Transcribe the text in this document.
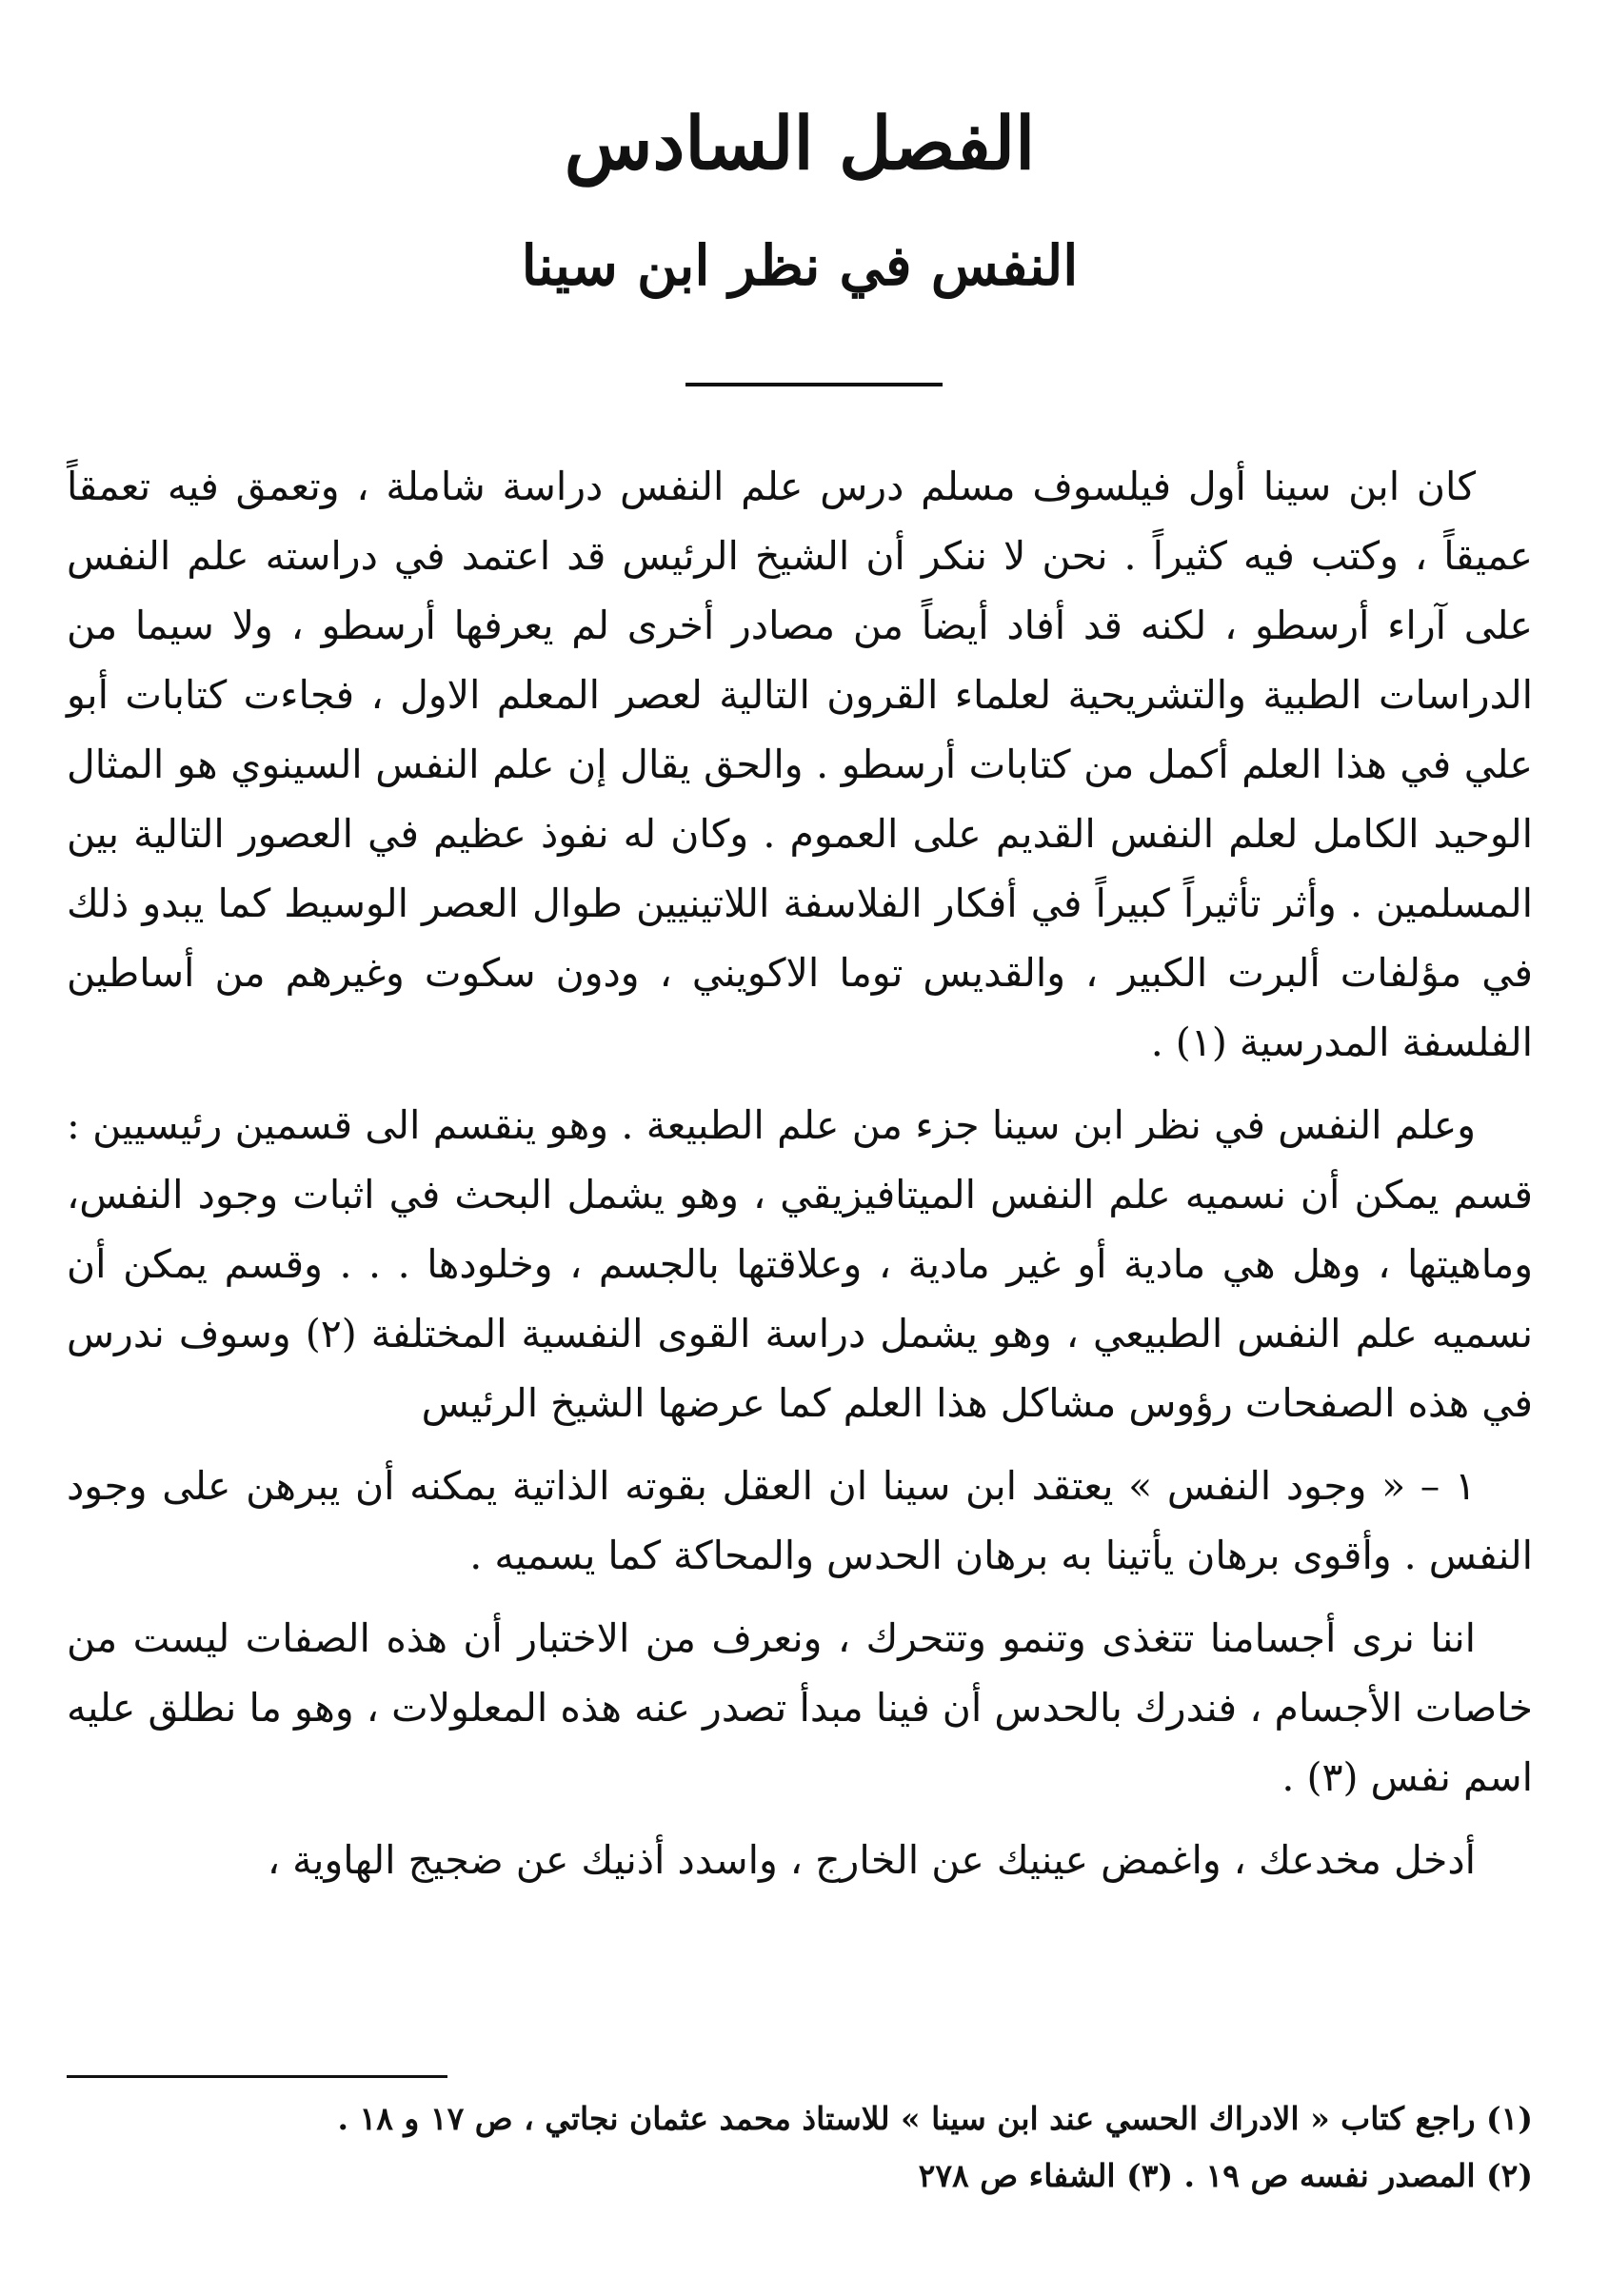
الفصل السادس
النفس في نظر ابن سينا

كان ابن سينا أول فيلسوف مسلم درس علم النفس دراسة شاملة ، وتعمق فيه تعمقاً عميقاً ، وكتب فيه كثيراً . نحن لا ننكر أن الشيخ الرئيس قد اعتمد في دراسته علم النفس على آراء أرسطو ، لكنه قد أفاد أيضاً من مصادر أخرى لم يعرفها أرسطو ، ولا سيما من الدراسات الطبية والتشريحية لعلماء القرون التالية لعصر المعلم الاول ، فجاءت كتابات أبو علي في هذا العلم أكمل من كتابات أرسطو . والحق يقال إن علم النفس السينوي هو المثال الوحيد الكامل لعلم النفس القديم على العموم . وكان له نفوذ عظيم في العصور التالية بين المسلمين . وأثر تأثيراً كبيراً في أفكار الفلاسفة اللاتينيين طوال العصر الوسيط كما يبدو ذلك في مؤلفات ألبرت الكبير ، والقديس توما الاكويني ، ودون سكوت وغيرهم من أساطين الفلسفة المدرسية (١) .

وعلم النفس في نظر ابن سينا جزء من علم الطبيعة . وهو ينقسم الى قسمين رئيسيين : قسم يمكن أن نسميه علم النفس الميتافيزيقي ، وهو يشمل البحث في اثبات وجود النفس، وماهيتها ، وهل هي مادية أو غير مادية ، وعلاقتها بالجسم ، وخلودها . . . وقسم يمكن أن نسميه علم النفس الطبيعي ، وهو يشمل دراسة القوى النفسية المختلفة (٢) وسوف ندرس في هذه الصفحات رؤوس مشاكل هذا العلم كما عرضها الشيخ الرئيس

١ – « وجود النفس » يعتقد ابن سينا ان العقل بقوته الذاتية يمكنه أن يبرهن على وجود النفس . وأقوى برهان يأتينا به برهان الحدس والمحاكة كما يسميه .

اننا نرى أجسامنا تتغذى وتنمو وتتحرك ، ونعرف من الاختبار أن هذه الصفات ليست من خاصات الأجسام ، فندرك بالحدس أن فينا مبدأ تصدر عنه هذه المعلولات ، وهو ما نطلق عليه اسم نفس (٣) .

أدخل مخدعك ، واغمض عينيك عن الخارج ، واسدد أذنيك عن ضجيج الهاوية ،

(١) راجع كتاب « الادراك الحسي عند ابن سينا » للاستاذ محمد عثمان نجاتي ، ص ١٧ و ١٨ .
(٢) المصدر نفسه ص ١٩ . (٣) الشفاء ص ٢٧٨
